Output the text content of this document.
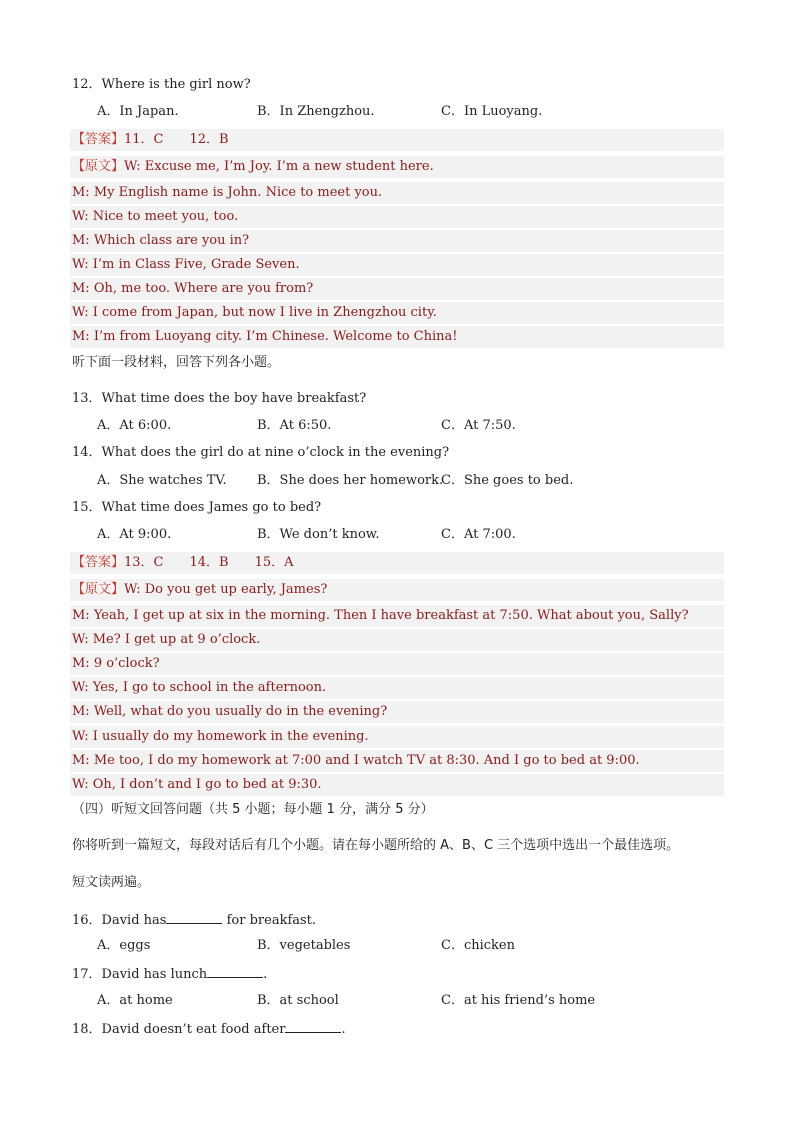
12．Where is the girl now?
A．In Japan.	B．In Zhengzhou.	C．In Luoyang.
【答案】11．C　　12．B
【原文】W: Excuse me, I’m Joy. I’m a new student here.
M: My English name is John. Nice to meet you.
W: Nice to meet you, too.
M: Which class are you in?
W: I’m in Class Five, Grade Seven.
M: Oh, me too. Where are you from?
W: I come from Japan, but now I live in Zhengzhou city.
M: I’m from Luoyang city. I’m Chinese. Welcome to China!
听下面一段材料，回答下列各小题。
13．What time does the boy have breakfast?
A．At 6:00.	B．At 6:50.	C．At 7:50.
14．What does the girl do at nine o’clock in the evening?
A．She watches TV. B．She does her homework.
C．She goes to bed.
15．What time does James go to bed?
A．At 9:00.	B．We don’t know.	C．At 7:00.
【答案】13．C　　14．B　　15．A
【原文】W: Do you get up early, James?
M: Yeah, I get up at six in the morning. Then I have breakfast at 7:50. What about you, Sally?
W: Me? I get up at 9 o’clock.
M: 9 o’clock?
W: Yes, I go to school in the afternoon.
M: Well, what do you usually do in the evening?
W: I usually do my homework in the evening.
M: Me too, I do my homework at 7:00 and I watch TV at 8:30. And I go to bed at 9:00.
W: Oh, I don’t and I go to bed at 9:30.
（四）听短文回答问题（共 5 小题；每小题 1 分，满分 5 分）
你将听到一篇短文，每段对话后有几个小题。请在每小题所给的 A、B、C 三个选项中选出一个最佳选项。
短文读两遍。
16．David has	for breakfast.
A．eggs	B．vegetables	C．chicken
17．David has lunch	.
A．at home	B．at school	C．at his friend’s home
18．David doesn’t eat food after	.
